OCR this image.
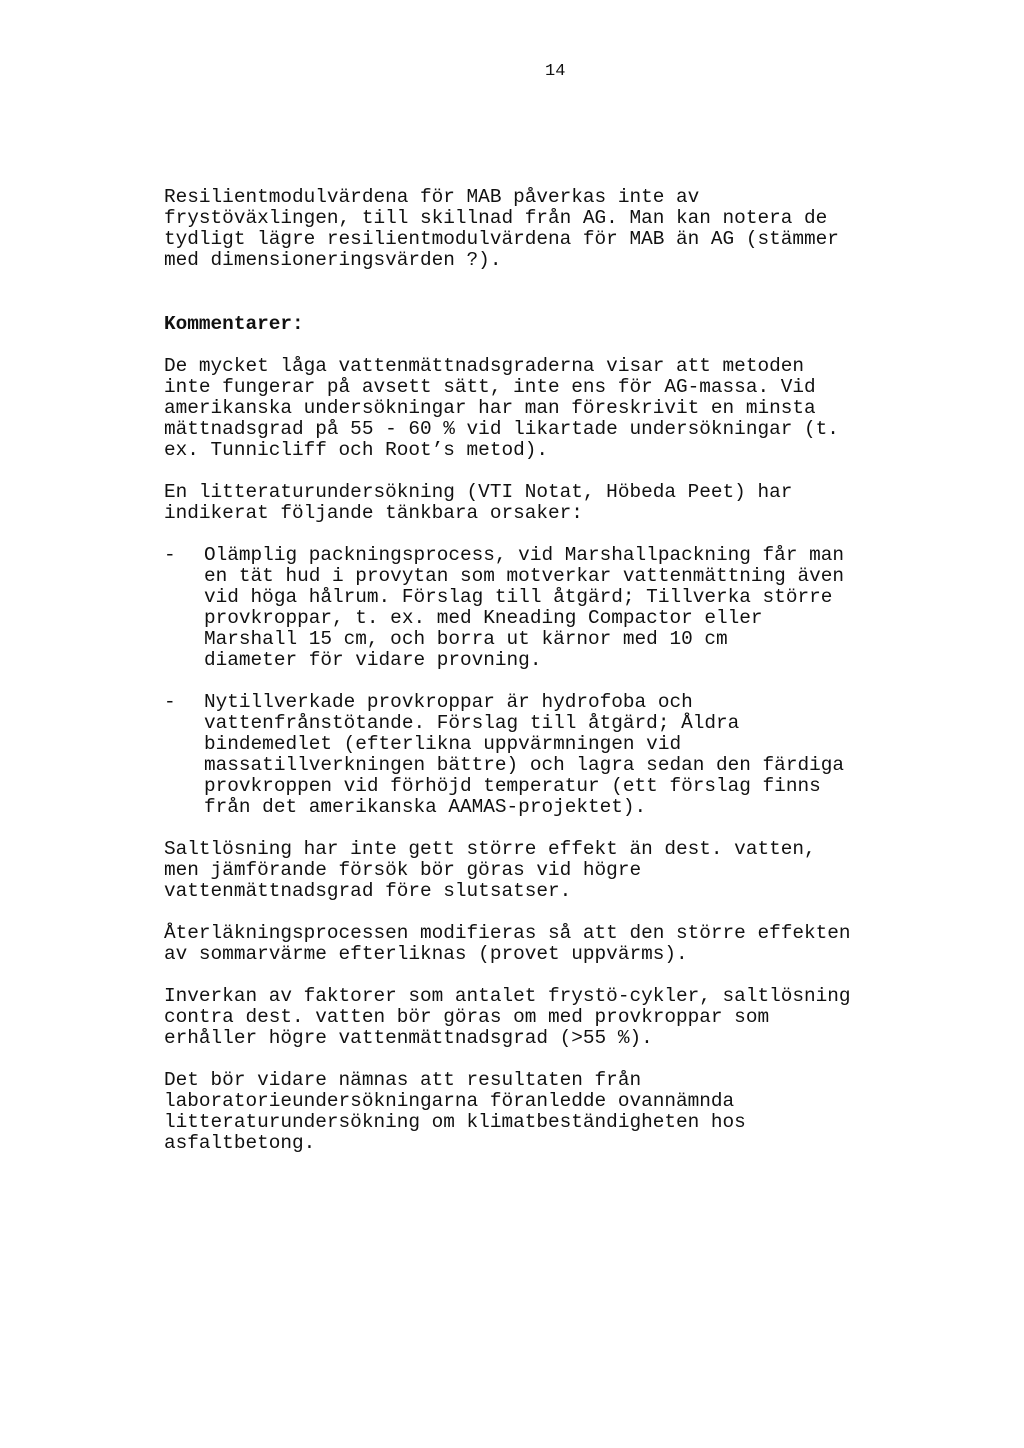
14

Resilientmodulvärdena för MAB påverkas inte av
frystöväxlingen, till skillnad från AG. Man kan notera de
tydligt lägre resilientmodulvärdena för MAB än AG (stämmer
med dimensioneringsvärden ?).

Kommentarer:

De mycket låga vattenmättnadsgraderna visar att metoden
inte fungerar på avsett sätt, inte ens för AG-massa. Vid
amerikanska undersökningar har man föreskrivit en minsta
mättnadsgrad på 55 - 60 % vid likartade undersökningar (t.
ex. Tunnicliff och Root’s metod).

En litteraturundersökning (VTI Notat, Höbeda Peet) har
indikerat följande tänkbara orsaker:

-	Olämplig packningsprocess, vid Marshallpackning får man
en tät hud i provytan som motverkar vattenmättning även
vid höga hålrum. Förslag till åtgärd; Tillverka större
provkroppar, t. ex. med Kneading Compactor eller
Marshall 15 cm, och borra ut kärnor med 10 cm
diameter för vidare provning.

-	Nytillverkade provkroppar är hydrofoba och
vattenfrånstötande. Förslag till åtgärd; Åldra
bindemedlet (efterlikna uppvärmningen vid
massatillverkningen bättre) och lagra sedan den färdiga
provkroppen vid förhöjd temperatur (ett förslag finns
från det amerikanska AAMAS-projektet).

Saltlösning har inte gett större effekt än dest. vatten,
men jämförande försök bör göras vid högre
vattenmättnadsgrad före slutsatser.

Återläkningsprocessen modifieras så att den större effekten
av sommarvärme efterliknas (provet uppvärms).

Inverkan av faktorer som antalet frystö-cykler, saltlösning
contra dest. vatten bör göras om med provkroppar som
erhåller högre vattenmättnadsgrad (>55 %).

Det bör vidare nämnas att resultaten från
laboratorieundersökningarna föranledde ovannämnda
litteraturundersökning om klimatbeständigheten hos
asfaltbetong.
